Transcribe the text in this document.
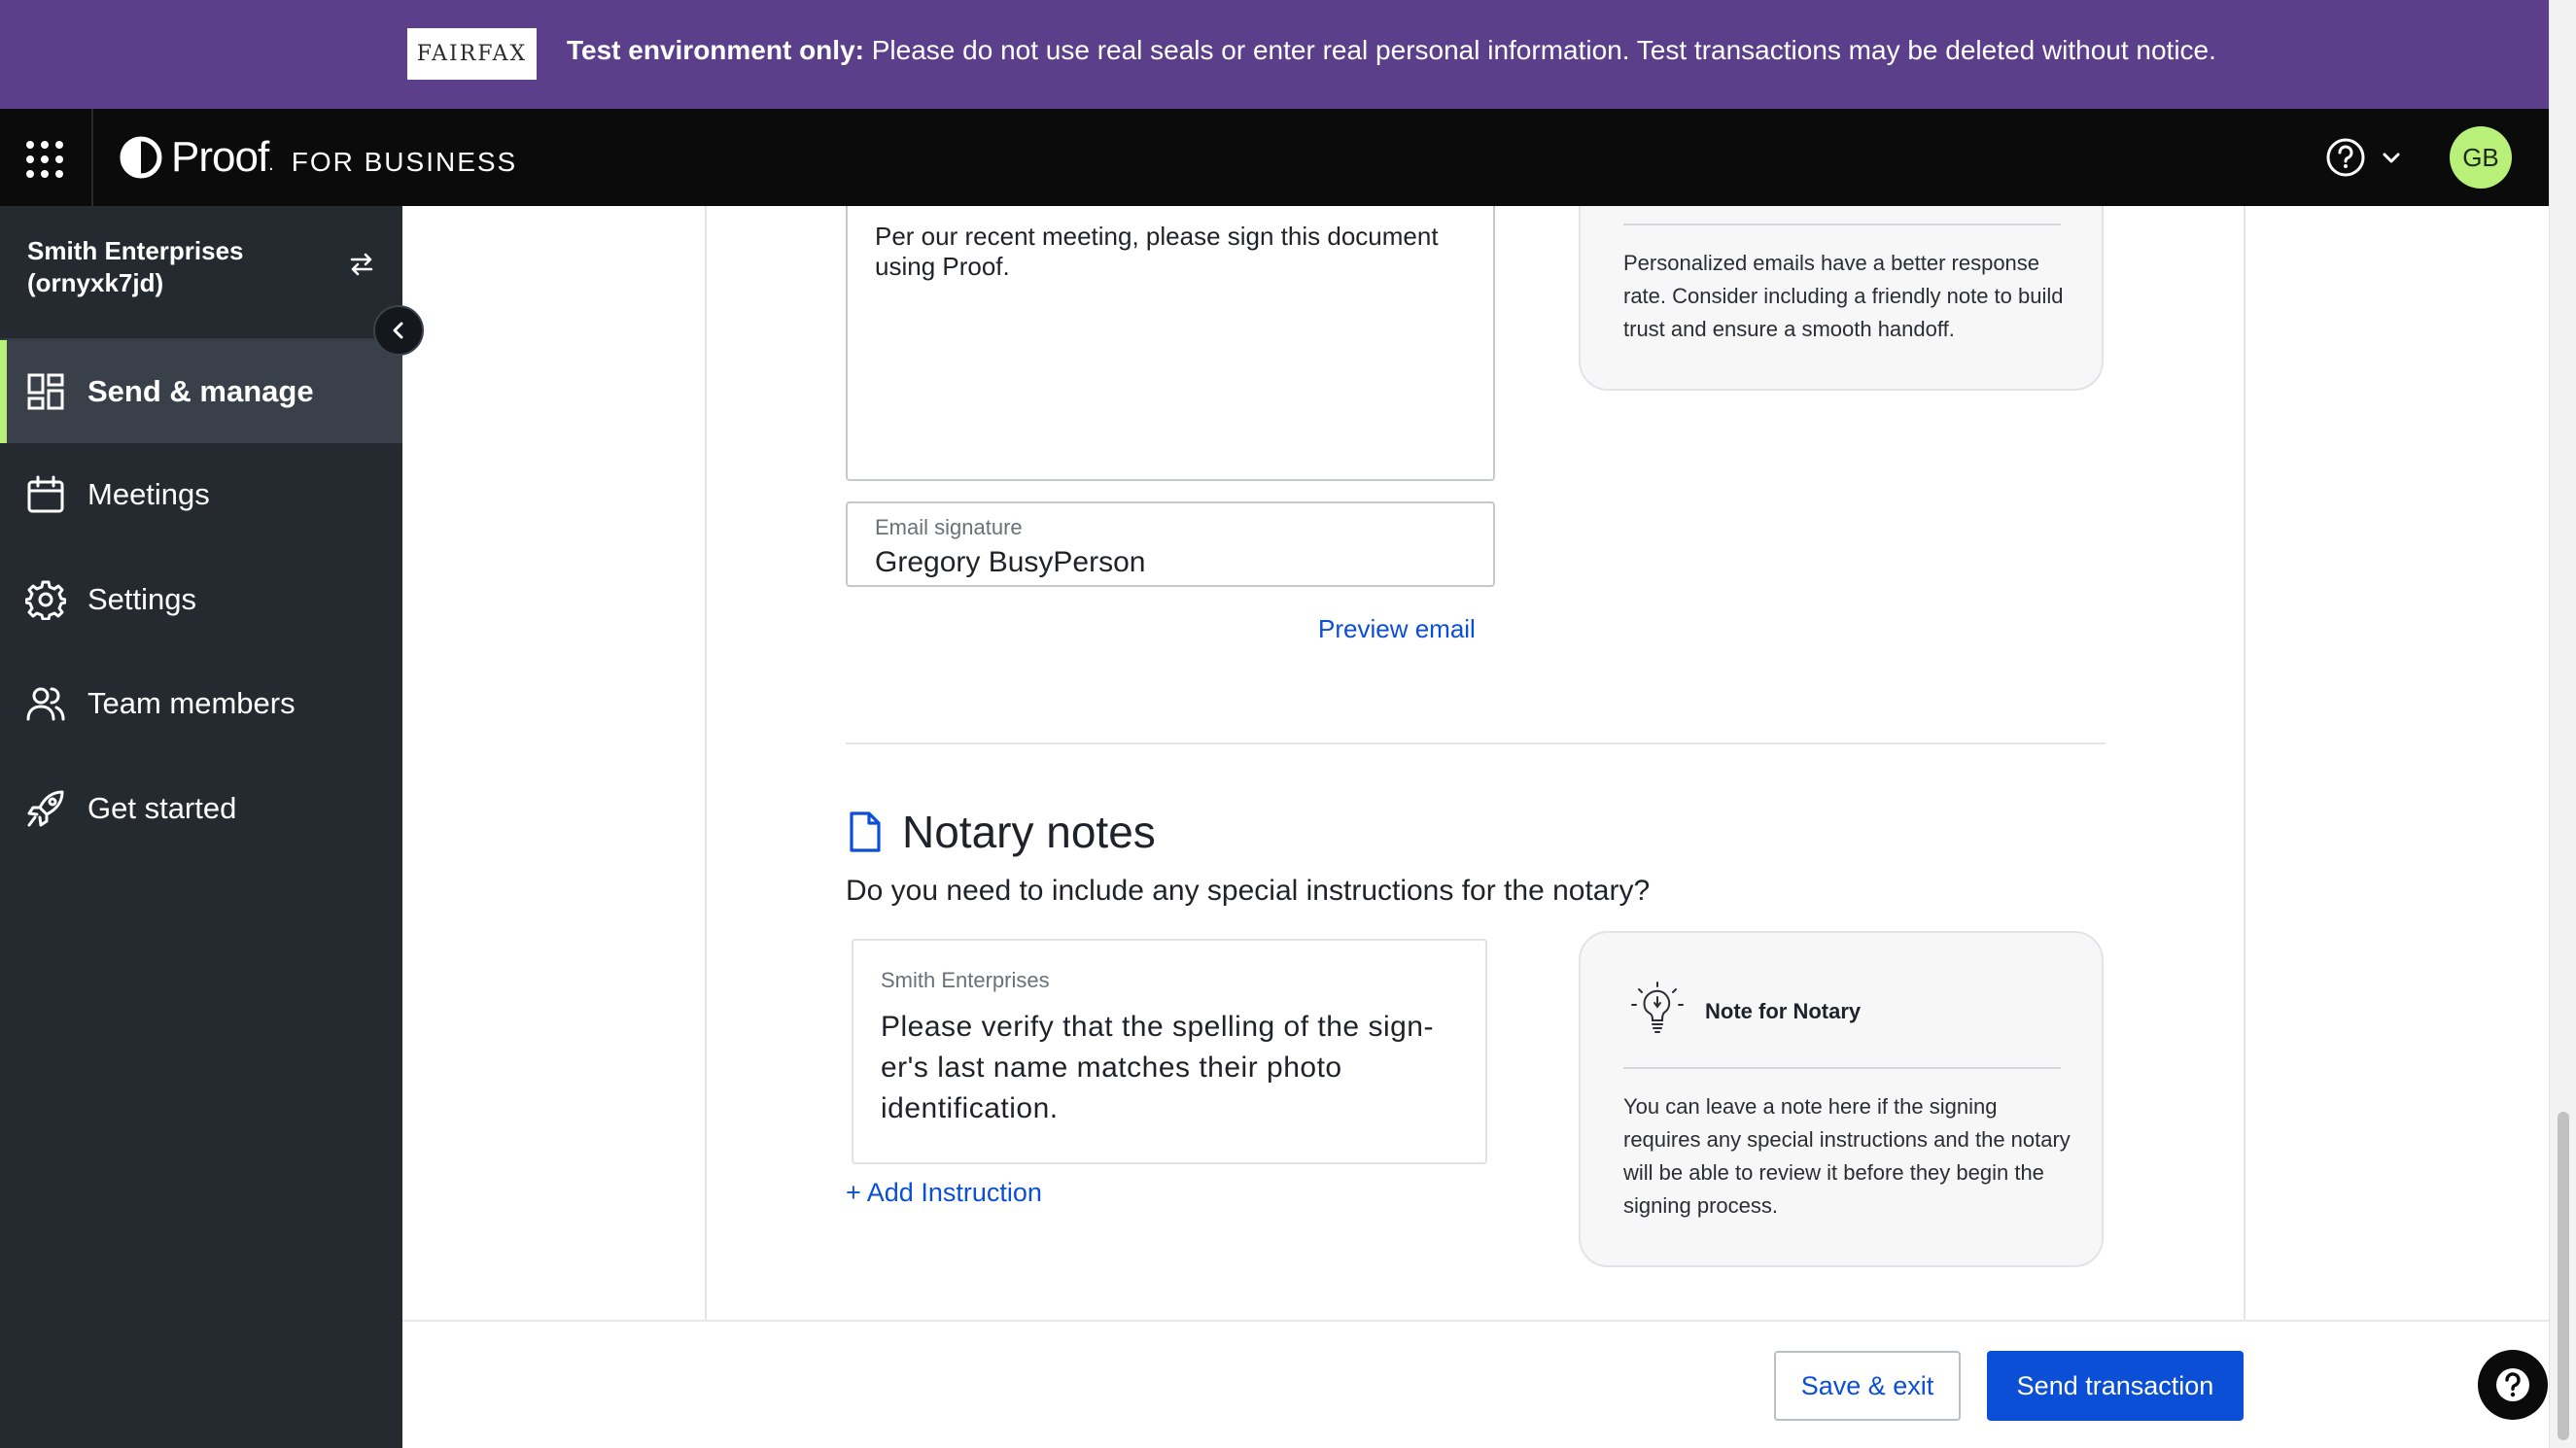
FAIRFAX	Test environment only: Please do not use real seals or enter real personal information. Test transactions may be deleted without notice.
Proof . FOR BUSINESS	GB
Smith Enterprises
(ornyxk7jd)
Send & manage
Meetings
Settings
Team members
Get started
Per our recent meeting, please sign this document using Proof.	Personalized emails have a better response rate. Consider including a friendly note to build trust and ensure a smooth handoff.
Email signature
Gregory BusyPerson
Preview email
Notary notes
Do you need to include any special instructions for the notary?
Smith Enterprises
Please verify that the spelling of the sign-er's last name matches their photo identification.
+ Add Instruction
Note for Notary
You can leave a note here if the signing requires any special instructions and the notary will be able to review it before they begin the signing process.
Save & exit	Send transaction
